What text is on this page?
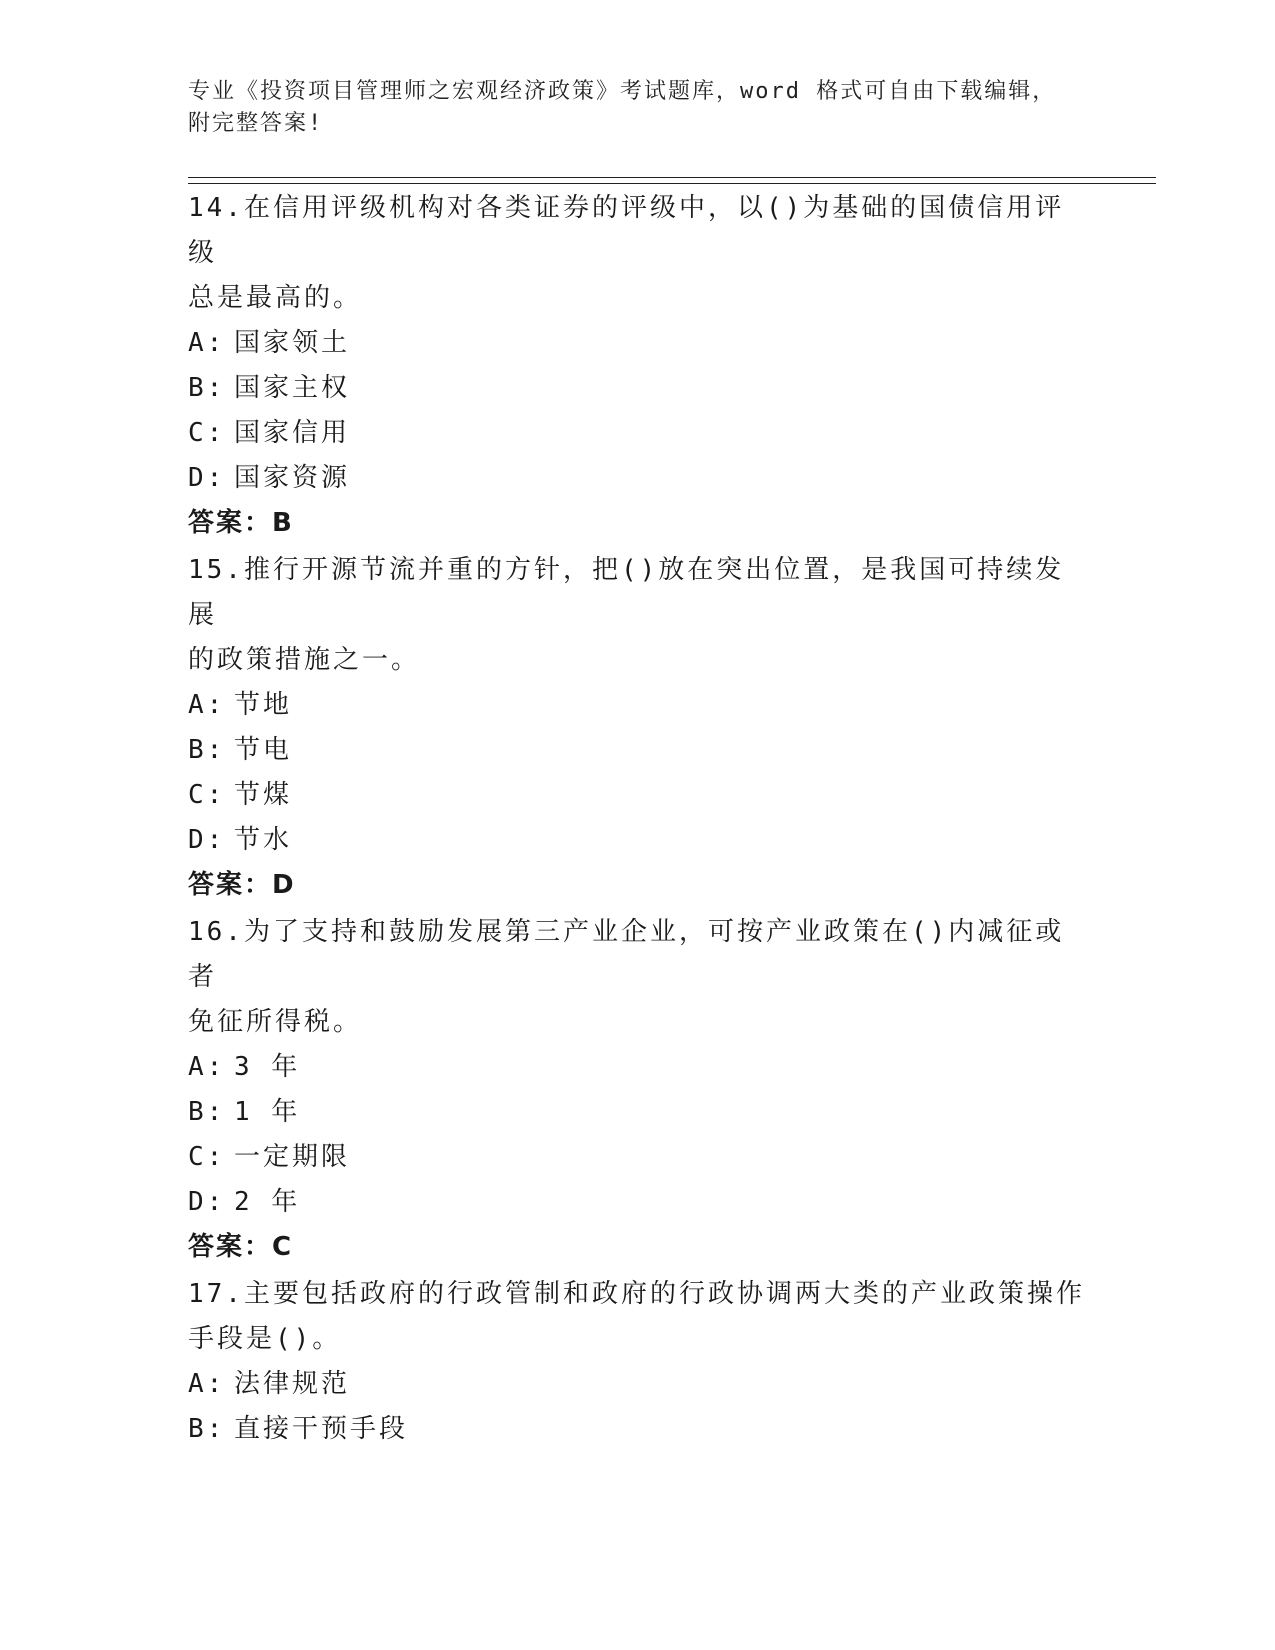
专业《投资项目管理师之宏观经济政策》考试题库，word 格式可自由下载编辑，
附完整答案!

14.在信用评级机构对各类证券的评级中，以()为基础的国债信用评级

总是最高的。

A: 国家领土

B: 国家主权

C: 国家信用

D: 国家资源

答案：B

15.推行开源节流并重的方针，把()放在突出位置，是我国可持续发展

的政策措施之一。

A: 节地

B: 节电

C: 节煤

D: 节水

答案：D

16.为了支持和鼓励发展第三产业企业，可按产业政策在()内减征或者

免征所得税。

A: 3 年

B: 1 年

C: 一定期限

D: 2 年

答案：C

17.主要包括政府的行政管制和政府的行政协调两大类的产业政策操作

手段是()。

A: 法律规范

B: 直接干预手段
